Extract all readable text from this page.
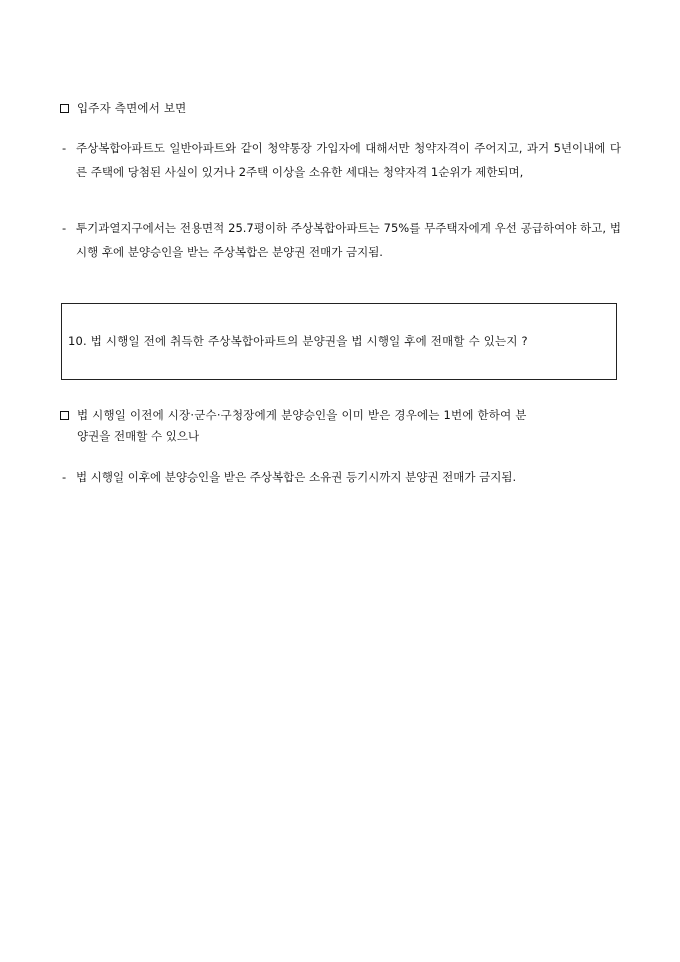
입주자 측면에서 보면
- 주상복합아파트도 일반아파트와 같이 청약통장 가입자에 대해서만 청약자격이 주어지고, 과거 5년이내에 다른 주택에 당첨된 사실이 있거나 2주택 이상을 소유한 세대는 청약자격 1순위가 제한되며,
- 투기과열지구에서는 전용면적 25.7평이하 주상복합아파트는 75%를 무주택자에게 우선 공급하여야 하고, 법 시행 후에 분양승인을 받는 주상복합은 분양권 전매가 금지됨.
10. 법 시행일 전에 취득한 주상복합아파트의 분양권을 법 시행일 후에 전매할 수 있는지 ?
법 시행일 이전에 시장·군수·구청장에게 분양승인을 이미 받은 경우에는 1번에 한하여 분
양권을 전매할 수 있으나
- 법 시행일 이후에 분양승인을 받은 주상복합은 소유권 등기시까지 분양권 전매가 금지됨.
